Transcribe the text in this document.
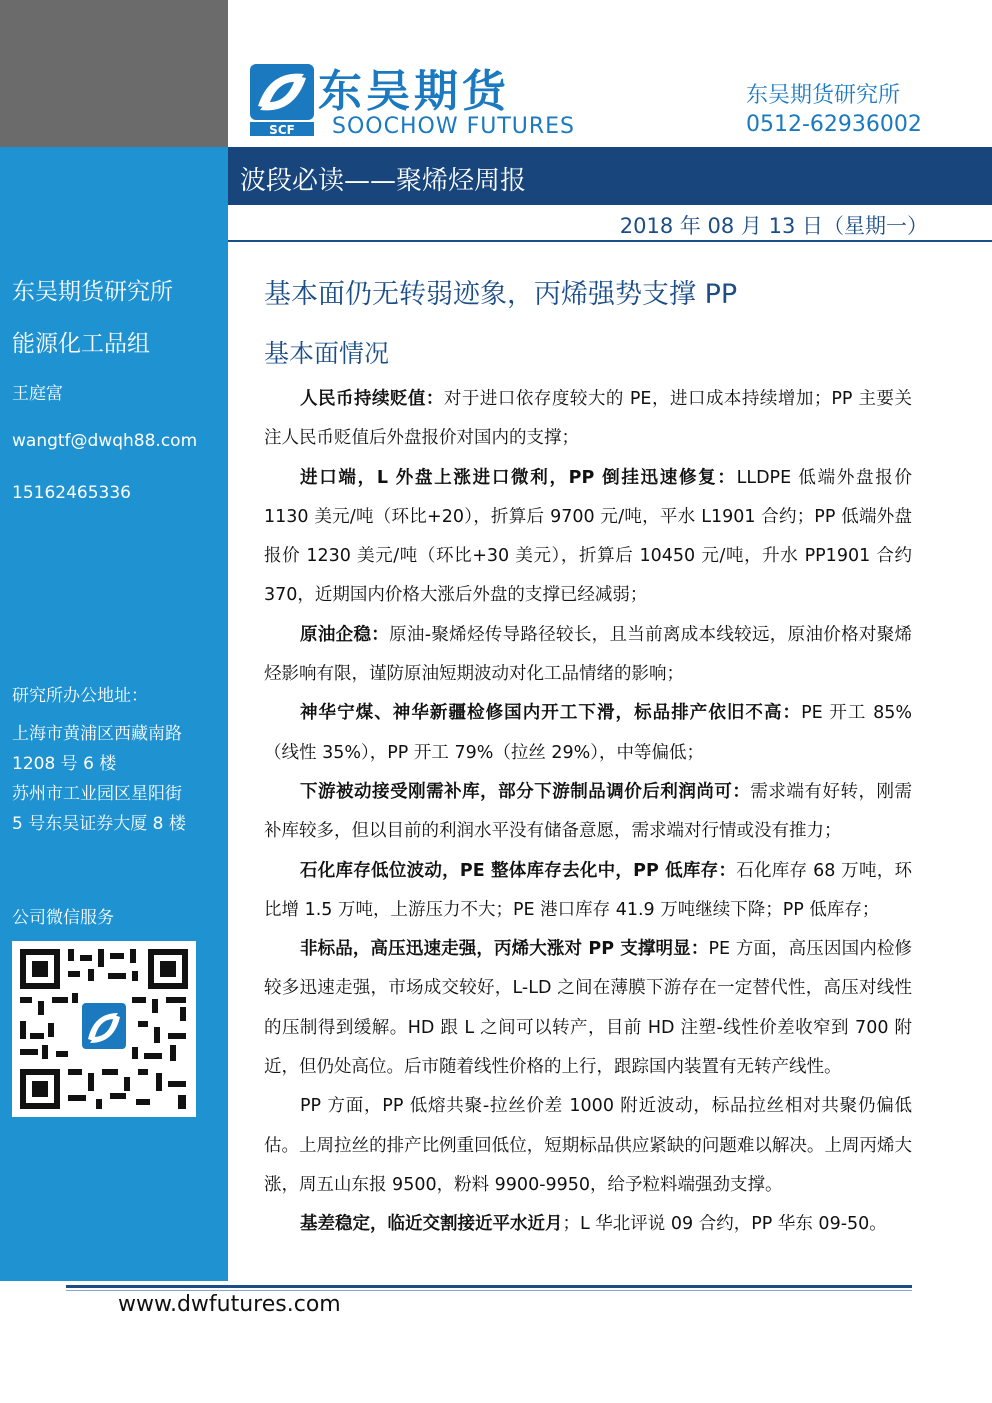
SCF
东吴期货
SOOCHOW FUTURES
东吴期货研究所
0512-62936002
波段必读——聚烯烃周报
2018 年 08 月 13 日（星期一）
东吴期货研究所
能源化工品组
王庭富
wangtf@dwqh88.com
15162465336
研究所办公地址：
上海市黄浦区西藏南路
1208 号 6 楼
苏州市工业园区星阳街
5 号东吴证券大厦 8 楼
公司微信服务
基本面仍无转弱迹象，丙烯强势支撑 PP
基本面情况

人民币持续贬值：对于进口依存度较大的 PE，进口成本持续增加；PP 主要关注人民币贬值后外盘报价对国内的支撑；

进口端，L 外盘上涨进口微利，PP 倒挂迅速修复：LLDPE 低端外盘报价 1130 美元/吨（环比+20），折算后 9700 元/吨，平水 L1901 合约；PP 低端外盘报价 1230 美元/吨（环比+30 美元），折算后 10450 元/吨，升水 PP1901 合约 370，近期国内价格大涨后外盘的支撑已经减弱；

原油企稳：原油-聚烯烃传导路径较长，且当前离成本线较远，原油价格对聚烯烃影响有限，谨防原油短期波动对化工品情绪的影响；

神华宁煤、神华新疆检修国内开工下滑，标品排产依旧不高：PE 开工 85%（线性 35%），PP 开工 79%（拉丝 29%），中等偏低；

下游被动接受刚需补库，部分下游制品调价后利润尚可：需求端有好转，刚需补库较多，但以目前的利润水平没有储备意愿，需求端对行情或没有推力；

石化库存低位波动，PE 整体库存去化中，PP 低库存：石化库存 68 万吨，环比增 1.5 万吨，上游压力不大；PE 港口库存 41.9 万吨继续下降；PP 低库存；

非标品，高压迅速走强，丙烯大涨对 PP 支撑明显：PE 方面，高压因国内检修较多迅速走强，市场成交较好，L-LD 之间在薄膜下游存在一定替代性，高压对线性的压制得到缓解。HD 跟 L 之间可以转产，目前 HD 注塑-线性价差收窄到 700 附近，但仍处高位。后市随着线性价格的上行，跟踪国内装置有无转产线性。

PP 方面，PP 低熔共聚-拉丝价差 1000 附近波动，标品拉丝相对共聚仍偏低估。上周拉丝的排产比例重回低位，短期标品供应紧缺的问题难以解决。上周丙烯大涨，周五山东报 9500，粉料 9900-9950，给予粒料端强劲支撑。

基差稳定，临近交割接近平水近月；L 华北评说 09 合约，PP 华东 09-50。

www.dwfutures.com
